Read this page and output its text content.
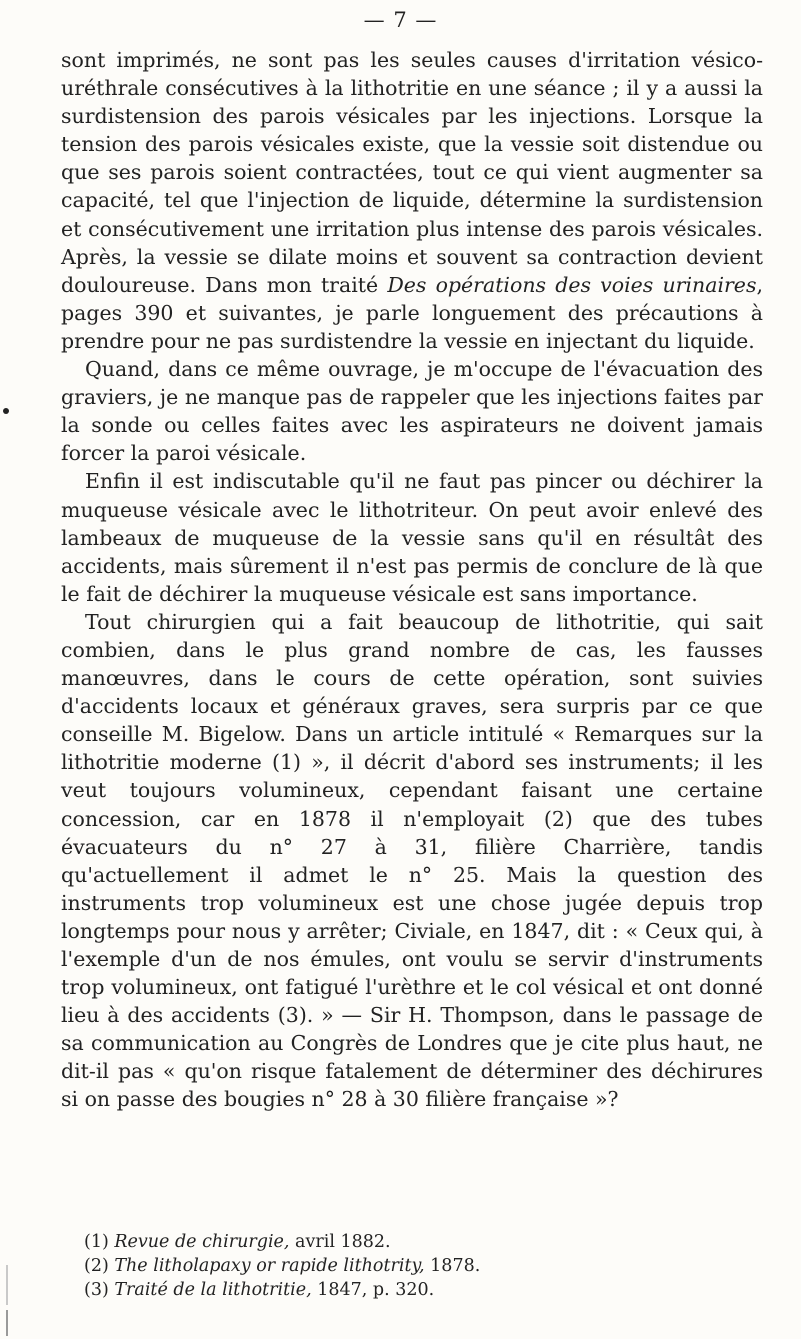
— 7 —

sont imprimés, ne sont pas les seules causes d'irritation vésico-uréthrale consécutives à la lithotritie en une séance ; il y a aussi la surdistension des parois vésicales par les injections. Lorsque la tension des parois vésicales existe, que la vessie soit distendue ou que ses parois soient contractées, tout ce qui vient augmenter sa capacité, tel que l'injection de liquide, détermine la surdistension et consécutivement une irritation plus intense des parois vésicales. Après, la vessie se dilate moins et souvent sa contraction devient douloureuse. Dans mon traité Des opérations des voies urinaires, pages 390 et suivantes, je parle longuement des précautions à prendre pour ne pas surdistendre la vessie en injectant du liquide.

Quand, dans ce même ouvrage, je m'occupe de l'évacuation des graviers, je ne manque pas de rappeler que les injections faites par la sonde ou celles faites avec les aspirateurs ne doivent jamais forcer la paroi vésicale.

Enfin il est indiscutable qu'il ne faut pas pincer ou déchirer la muqueuse vésicale avec le lithotriteur. On peut avoir enlevé des lambeaux de muqueuse de la vessie sans qu'il en résultât des accidents, mais sûrement il n'est pas permis de conclure de là que le fait de déchirer la muqueuse vésicale est sans importance.

Tout chirurgien qui a fait beaucoup de lithotritie, qui sait combien, dans le plus grand nombre de cas, les fausses manœuvres, dans le cours de cette opération, sont suivies d'accidents locaux et généraux graves, sera surpris par ce que conseille M. Bigelow. Dans un article intitulé « Remarques sur la lithotritie moderne (1) », il décrit d'abord ses instruments; il les veut toujours volumineux, cependant faisant une certaine concession, car en 1878 il n'employait (2) que des tubes évacuateurs du n° 27 à 31, filière Charrière, tandis qu'actuellement il admet le n° 25. Mais la question des instruments trop volumineux est une chose jugée depuis trop longtemps pour nous y arrêter; Civiale, en 1847, dit : « Ceux qui, à l'exemple d'un de nos émules, ont voulu se servir d'instruments trop volumineux, ont fatigué l'urèthre et le col vésical et ont donné lieu à des accidents (3). » — Sir H. Thompson, dans le passage de sa communication au Congrès de Londres que je cite plus haut, ne dit-il pas « qu'on risque fatalement de déterminer des déchirures si on passe des bougies n° 28 à 30 filière française »?

(1) Revue de chirurgie, avril 1882.

(2) The litholapaxy or rapide lithotrity, 1878.

(3) Traité de la lithotritie, 1847, p. 320.
